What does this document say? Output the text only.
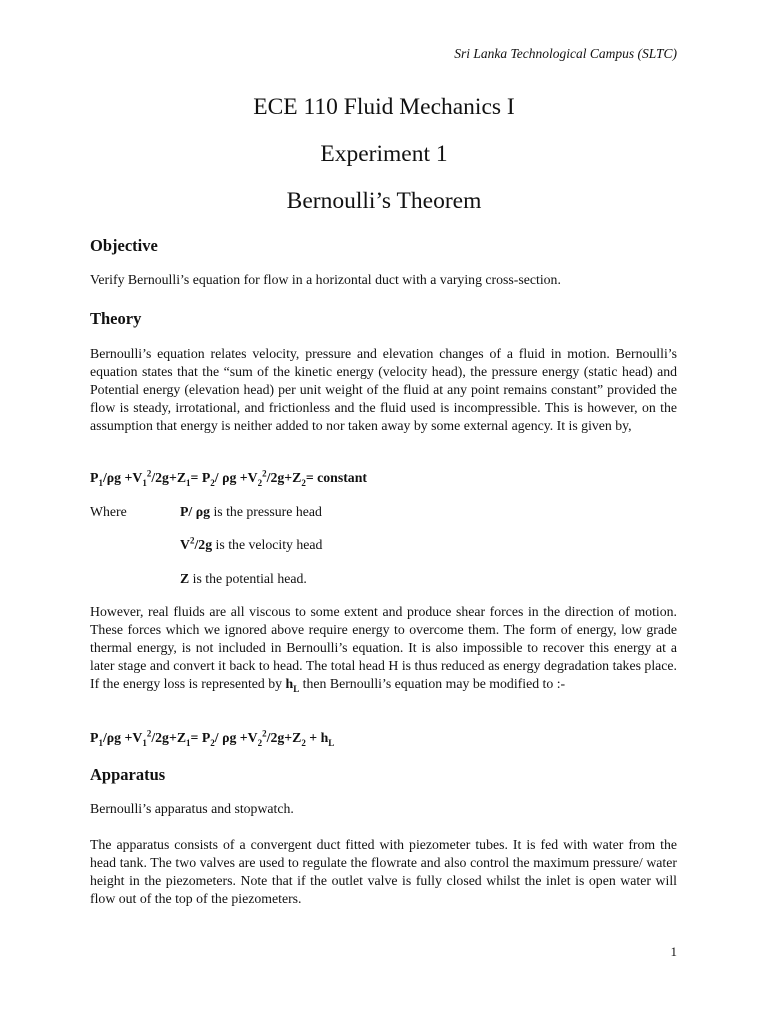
Sri Lanka Technological Campus (SLTC)
ECE 110 Fluid Mechanics I
Experiment 1
Bernoulli’s Theorem
Objective
Verify Bernoulli’s equation for flow in a horizontal duct with a varying cross-section.
Theory
Bernoulli’s equation relates velocity, pressure and elevation changes of a fluid in motion. Bernoulli’s equation states that the “sum of the kinetic energy (velocity head), the pressure energy (static head) and Potential energy (elevation head) per unit weight of the fluid at any point remains constant” provided the flow is steady, irrotational, and frictionless and the fluid used is incompressible. This is however, on the assumption that energy is neither added to nor taken away by some external agency. It is given by,
$P_1/\rho g +V_1^2/2g+Z_1= P_2/$ $\rho g +V_2^2/2g+Z_2=$ constant
Where	P/ ρg is the pressure head
$V^2/2g$ is the velocity head
Z is the potential head.
However, real fluids are all viscous to some extent and produce shear forces in the direction of motion. These forces which we ignored above require energy to overcome them. The form of energy, low grade thermal energy, is not included in Bernoulli’s equation. It is also impossible to recover this energy at a later stage and convert it back to head. The total head H is thus reduced as energy degradation takes place. If the energy loss is represented by $h_L$ then Bernoulli’s equation may be modified to :-
$P_1/\rho g +V_1^2/2g+Z_1= P_2/$ $\rho g +V_2^2/2g+Z_2 + h_L$
Apparatus
Bernoulli’s apparatus and stopwatch.
The apparatus consists of a convergent duct fitted with piezometer tubes. It is fed with water from the head tank. The two valves are used to regulate the flowrate and also control the maximum pressure/ water height in the piezometers. Note that if the outlet valve is fully closed whilst the inlet is open water will flow out of the top of the piezometers.
1
